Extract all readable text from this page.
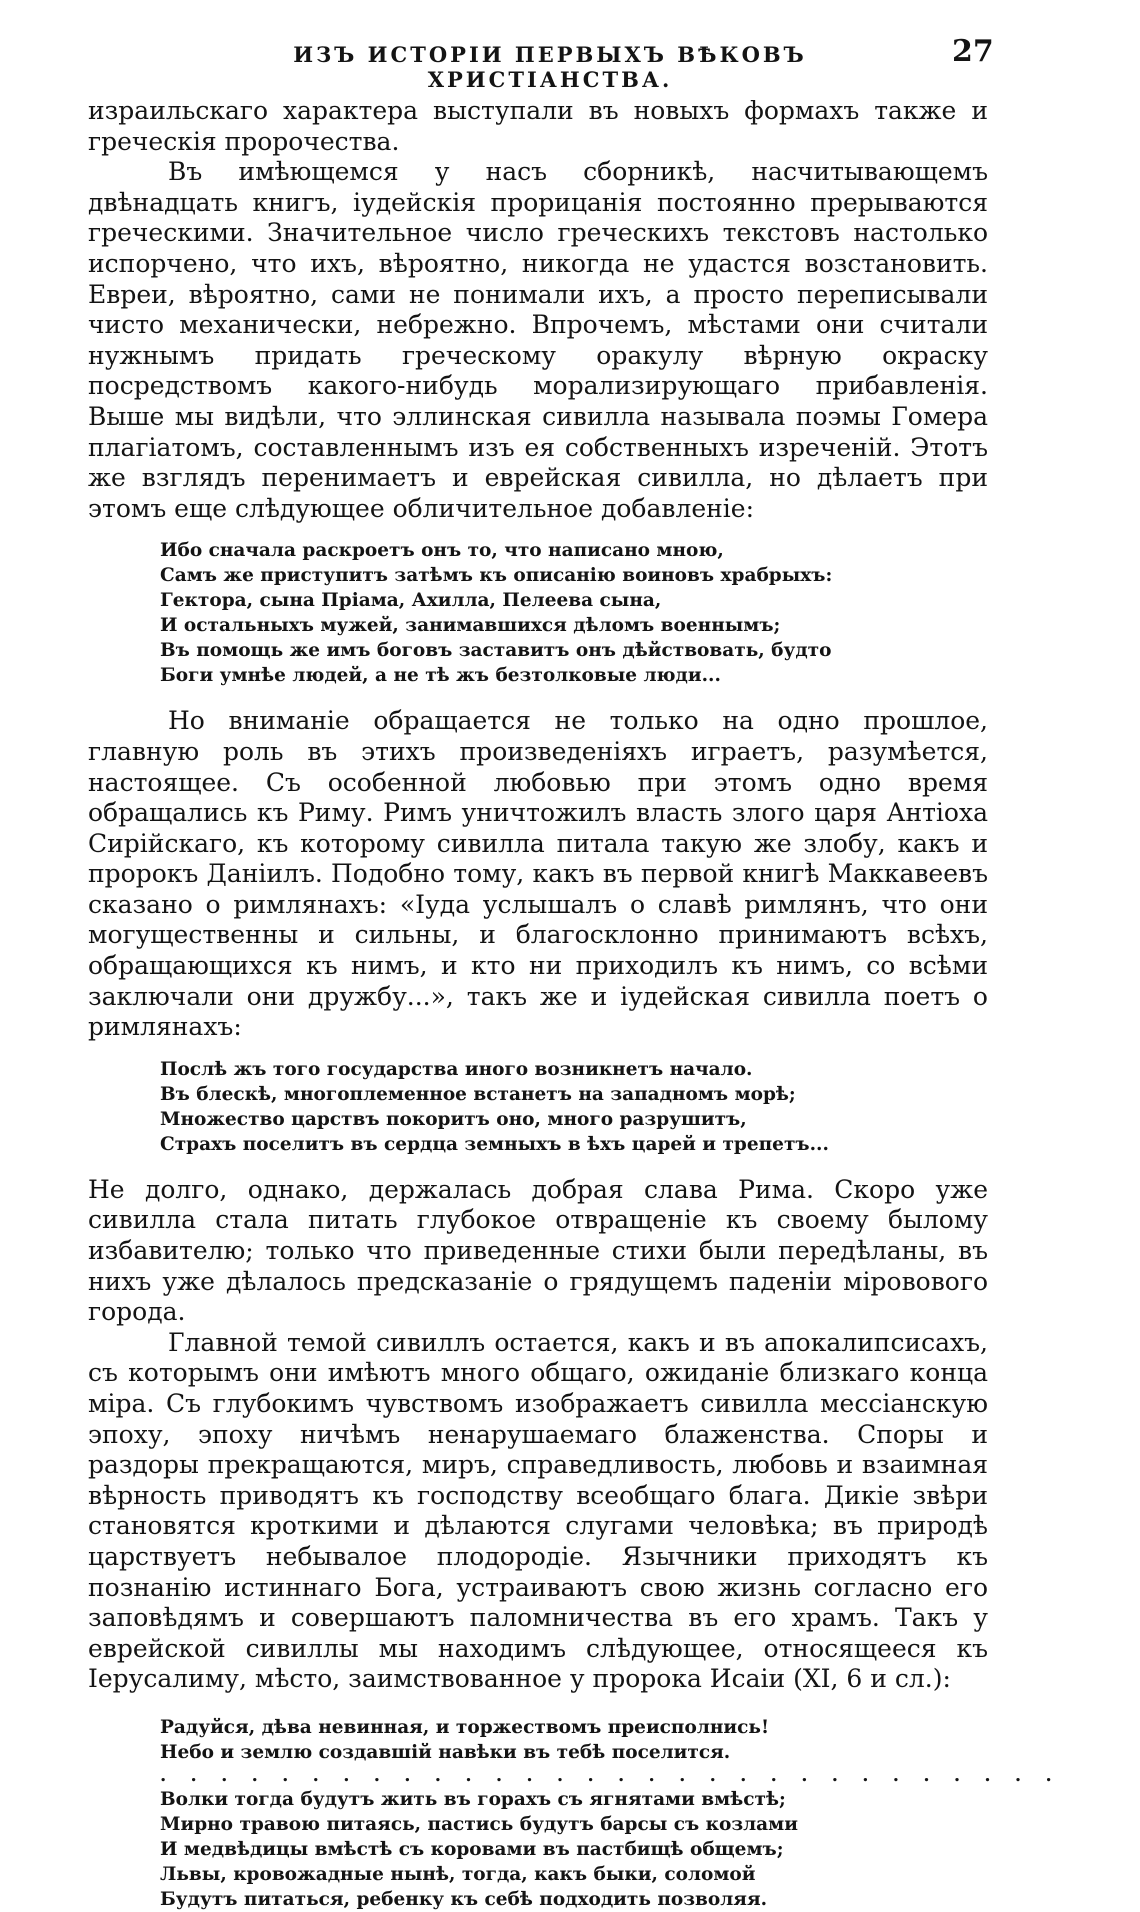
ИЗЪ ИСТОРІИ ПЕРВЫХЪ ВѢКОВЪ ХРИСТІАНСТВА.
27

израильскаго характера выступали въ новыхъ формахъ также и греческія пророчества.

Въ имѣющемся у насъ сборникѣ, насчитывающемъ двѣнадцать книгъ, іудейскія прорицанія постоянно прерываются греческими. Значительное число греческихъ текстовъ настолько испорчено, что ихъ, вѣроятно, никогда не удастся возстановить. Евреи, вѣроятно, сами не понимали ихъ, а просто переписывали чисто механически, небрежно. Впрочемъ, мѣстами они считали нужнымъ придать греческому оракулу вѣрную окраску посредствомъ какого-нибудь морализирующаго прибавленія. Выше мы видѣли, что эллинская сивилла называла поэмы Гомера плагіатомъ, составленнымъ изъ ея собственныхъ изреченій. Этотъ же взглядъ перенимаетъ и еврейская сивилла, но дѣлаетъ при этомъ еще слѣдующее обличительное добавленіе:

Ибо сначала раскроетъ онъ то, что написано мною,
Самъ же приступитъ затѣмъ къ описанію воиновъ храбрыхъ:
Гектора, сына Пріама, Ахилла, Пелеева сына,
И остальныхъ мужей, занимавшихся дѣломъ военнымъ;
Въ помощь же имъ боговъ заставитъ онъ дѣйствовать, будто
Боги умнѣе людей, а не тѣ жъ безтолковые люди...

Но вниманіе обращается не только на одно прошлое, главную роль въ этихъ произведеніяхъ играетъ, разумѣется, настоящее. Съ особенной любовью при этомъ одно время обращались къ Риму. Римъ уничтожилъ власть злого царя Антіоха Сирійскаго, къ которому сивилла питала такую же злобу, какъ и пророкъ Даніилъ. Подобно тому, какъ въ первой книгѣ Маккавеевъ сказано о римлянахъ: «Іуда услышалъ о славѣ римлянъ, что они могущественны и сильны, и благосклонно принимаютъ всѣхъ, обращающихся къ нимъ, и кто ни приходилъ къ нимъ, со всѣми заключали они дружбу...», такъ же и іудейская сивилла поетъ о римлянахъ:

Послѣ жъ того государства иного возникнетъ начало.
Въ блескѣ, многоплеменное встанетъ на западномъ морѣ;
Множество царствъ покоритъ оно, много разрушитъ,
Страхъ поселитъ въ сердца земныхъ в ѣхъ царей и трепетъ...

Не долго, однако, держалась добрая слава Рима. Скоро уже сивилла стала питать глубокое отвращеніе къ своему былому избавителю; только что приведенные стихи были передѣланы, въ нихъ уже дѣлалось предсказаніе о грядущемъ паденіи міровового города.

Главной темой сивиллъ остается, какъ и въ апокалипсисахъ, съ которымъ они имѣютъ много общаго, ожиданіе близкаго конца міра. Съ глубокимъ чувствомъ изображаетъ сивилла мессіанскую эпоху, эпоху ничѣмъ ненарушаемаго блаженства. Споры и раздоры прекращаются, миръ, справедливость, любовь и взаимная вѣрность приводятъ къ господству всеобщаго блага. Дикіе звѣри становятся кроткими и дѣлаются слугами человѣка; въ природѣ царствуетъ небывалое плодородіе. Язычники приходятъ къ познанію истиннаго Бога, устраиваютъ свою жизнь согласно его заповѣдямъ и совершаютъ паломничества въ его храмъ. Такъ у еврейской сивиллы мы находимъ слѣдующее, относящееся къ Іерусалиму, мѣсто, заимствованное у пророка Исаіи (XI, 6 и сл.):

Радуйся, дѣва невинная, и торжествомъ преисполнись!
Небо и землю создавшій навѣки въ тебѣ поселится.
. . . . . . . . . . . . . . . . . . . . . . . . . . . . . .
Волки тогда будутъ жить въ горахъ съ ягнятами вмѣстѣ;
Мирно травою питаясь, пастись будутъ барсы съ козлами
И медвѣдицы вмѣстѣ съ коровами въ пастбищѣ общемъ;
Львы, кровожадные нынѣ, тогда, какъ быки, соломой
Будутъ питаться, ребенку къ себѣ подходить позволяя.
